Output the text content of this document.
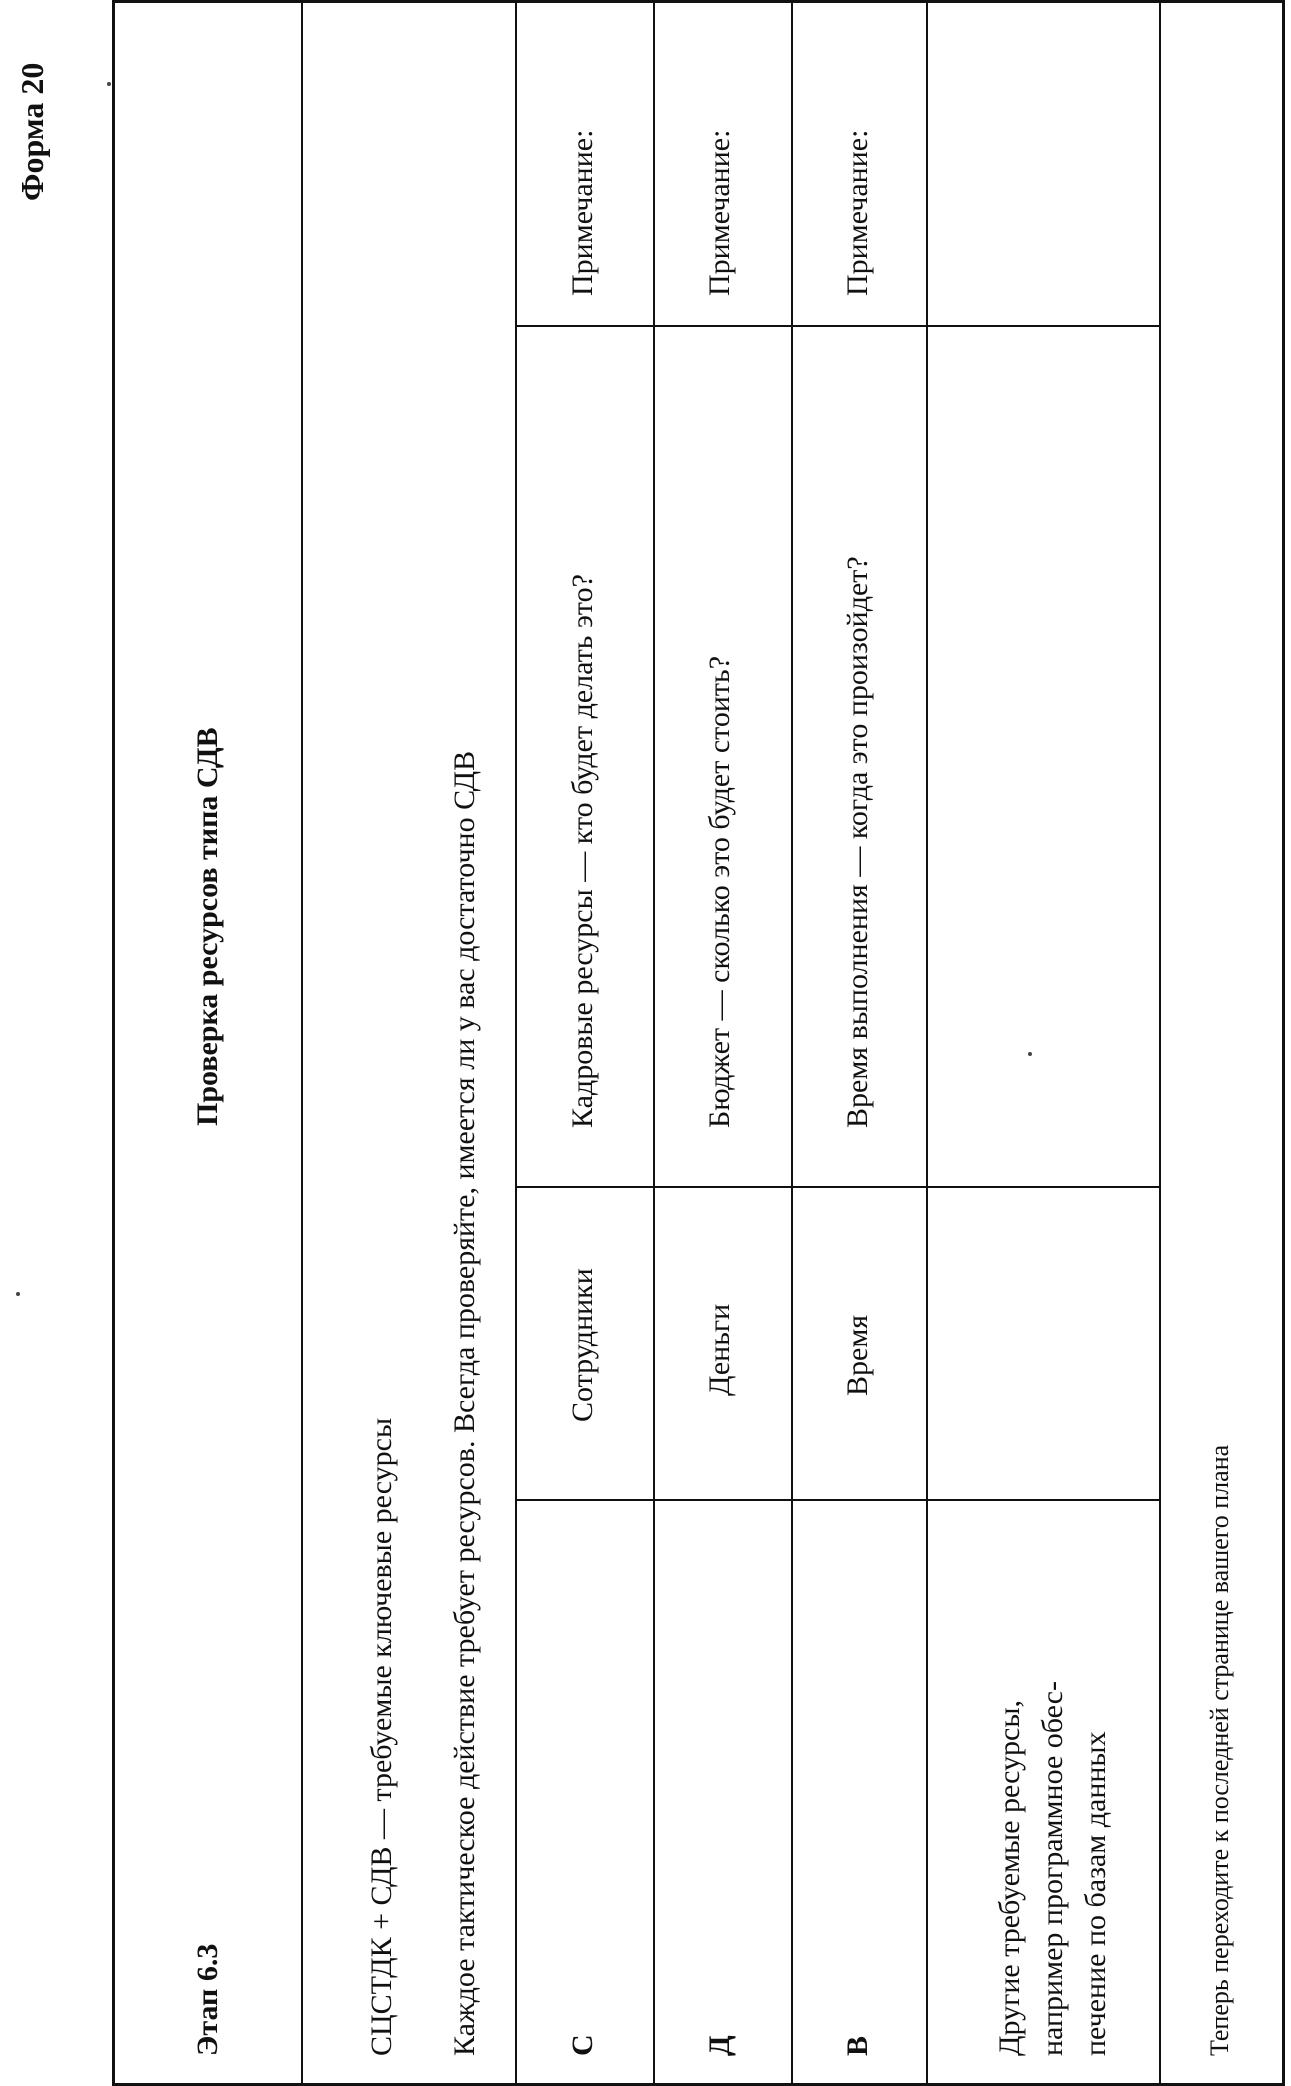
Форма 20
Этап 6.3
Проверка ресурсов типа СДВ
СЦСТДК + СДВ — требуемые ключевые ресурсы Каждое тактическое действие требует ресурсов. Всегда проверяйте, имеется ли у вас достаточно СДВ	С
Сотрудники
Кадровые ресурсы — кто будет делать это?
Примечание:
Д
Деньги
Бюджет — сколько это будет стоить?
Примечание:
В
Время
Время выполнения — когда это произойдет?
Примечание:
Другие требуемые ресурсы, например программное обес- печение по базам данных	Теперь переходите к последней странице вашего плана
